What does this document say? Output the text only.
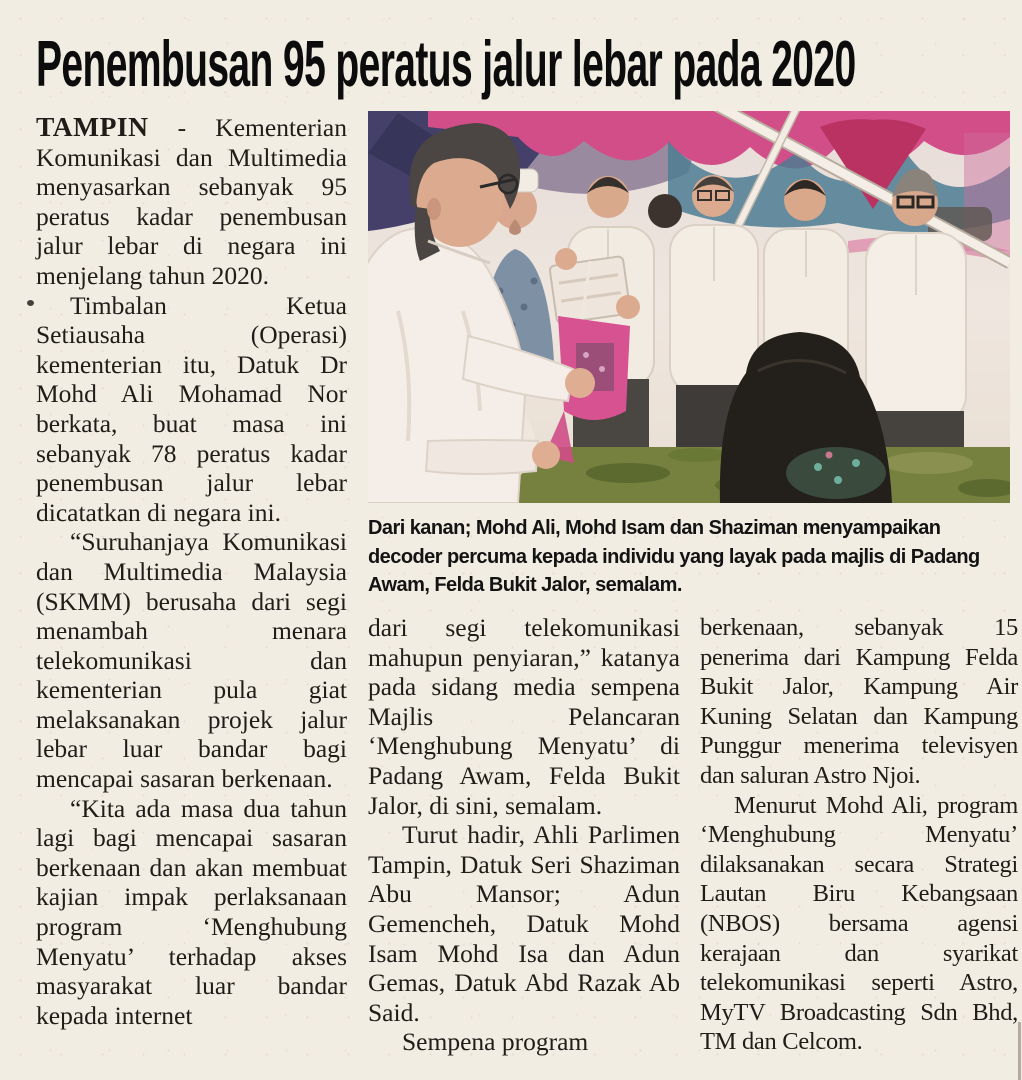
Penembusan 95 peratus jalur lebar pada 2020

TAMPIN - Kementerian Komunikasi dan Multimedia menyasarkan sebanyak 95 peratus kadar penembusan jalur lebar di negara ini menjelang tahun 2020.

Timbalan Ketua Setiausaha (Operasi) kementerian itu, Datuk Dr Mohd Ali Mohamad Nor berkata, buat masa ini sebanyak 78 peratus kadar penembusan jalur lebar dicatatkan di negara ini.

“Suruhanjaya Komunikasi dan Multimedia Malaysia (SKMM) berusaha dari segi menambah menara telekomunikasi dan kementerian pula giat melaksanakan projek jalur lebar luar bandar bagi mencapai sasaran berkenaan.

“Kita ada masa dua tahun lagi bagi mencapai sasaran berkenaan dan akan membuat kajian impak perlaksanaan program ‘Menghubung Menyatu’ terhadap akses masyarakat luar bandar kepada internet

Dari kanan; Mohd Ali, Mohd Isam dan Shaziman menyampaikan

decoder percuma kepada individu yang layak pada majlis di Padang

Awam, Felda Bukit Jalor, semalam.

dari segi telekomunikasi mahupun penyiaran,” katanya pada sidang media sempena Majlis Pelancaran ‘Menghubung Menyatu’ di Padang Awam, Felda Bukit Jalor, di sini, semalam.

Turut hadir, Ahli Parlimen Tampin, Datuk Seri Shaziman Abu Mansor; Adun Gemencheh, Datuk Mohd Isam Mohd Isa dan Adun Gemas, Datuk Abd Razak Ab Said.

Sempena program

berkenaan, sebanyak 15 penerima dari Kampung Felda Bukit Jalor, Kampung Air Kuning Selatan dan Kampung Punggur menerima televisyen dan saluran Astro Njoi.

Menurut Mohd Ali, program ‘Menghubung Menyatu’ dilaksanakan secara Strategi Lautan Biru Kebangsaan (NBOS) bersama agensi kerajaan dan syarikat telekomunikasi seperti Astro, MyTV Broadcasting Sdn Bhd, TM dan Celcom.
